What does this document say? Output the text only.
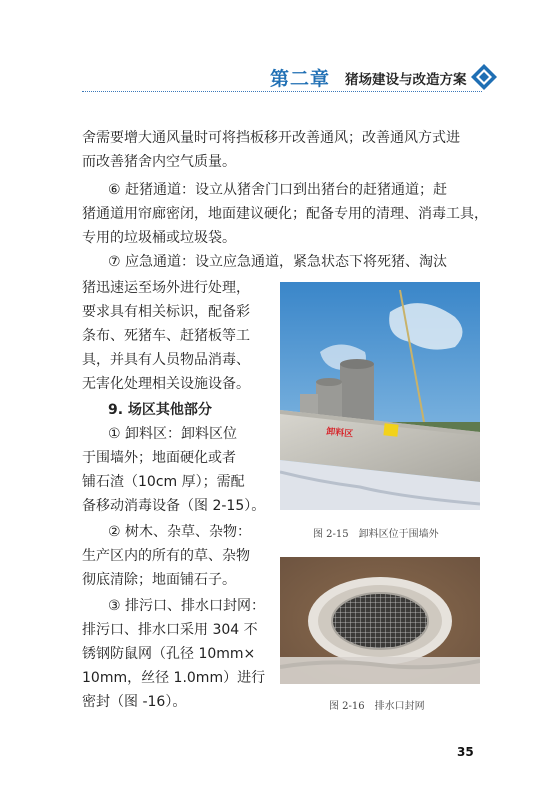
第二章 猪场建设与改造方案
舍需要增大通风量时可将挡板移开改善通风；改善通风方式进
而改善猪舍内空气质量。
⑥ 赶猪通道：设立从猪舍门口到出猪台的赶猪通道；赶
猪通道用帘廊密闭，地面建议硬化；配备专用的清理、消毒工具，
专用的垃圾桶或垃圾袋。
⑦ 应急通道：设立应急通道，紧急状态下将死猪、淘汰
猪迅速运至场外进行处理，
要求具有相关标识，配备彩
条布、死猪车、赶猪板等工
具，并具有人员物品消毒、
无害化处理相关设施设备。
9. 场区其他部分
① 卸料区：卸料区位
于围墙外；地面硬化或者
铺石渣（10cm 厚）；需配
备移动消毒设备（图 2-15）。
② 树木、杂草、杂物：
生产区内的所有的草、杂物
彻底清除；地面铺石子。
③ 排污口、排水口封网：
排污口、排水口采用 304 不
锈钢防鼠网（孔径 10mm×
10mm，丝径 1.0mm）进行
密封（图 -16）。
卸料区
图 2-15　卸料区位于围墙外
图 2-16　排水口封网
35
